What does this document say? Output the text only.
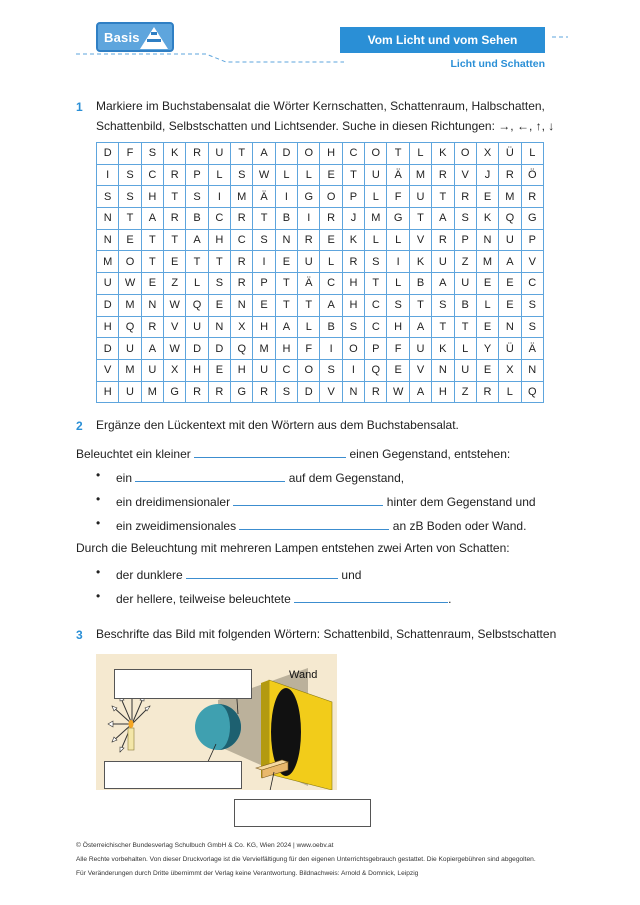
Basis	Vom Licht und vom Sehen
Licht und Schatten
1 Markiere im Buchstabensalat die Wörter Kernschatten, Schattenraum, Halbschatten,
Schattenbild, Selbstschatten und Lichtsender. Suche in diesen Richtungen: →, ←, ↑, ↓
D	F	S	K	R	U	T	A	D	O	H	C	O	T	L	K	O	X	Ü	L
I	S	C	R	P	L	S	W	L	L	E	T	U	Ä	M	R	V	J	R	Ö
S	S	H	T	S	I	M	Ä	I	G	O	P	L	F	U	T	R	E	M	R
N	T	A	R	B	C	R	T	B	I	R	J	M	G	T	A	S	K	Q	G
N	E	T	T	A	H	C	S	N	R	E	K	L	L	V	R	P	N	U	P
M	O	T	E	T	T	R	I	E	U	L	R	S	I	K	U	Z	M	A	V
U	W	E	Z	L	S	R	P	T	Ä	C	H	T	L	B	A	U	E	E	C
D	M	N	W	Q	E	N	E	T	T	A	H	C	S	T	S	B	L	E	S
H	Q	R	V	U	N	X	H	A	L	B	S	C	H	A	T	T	E	N	S
D	U	A	W	D	D	Q	M	H	F	I	O	P	F	U	K	L	Y	Ü	Ä
V	M	U	X	H	E	H	U	C	O	S	I	Q	E	V	N	U	E	X	N
H	U	M	G	R	R	G	R	S	D	V	N	R	W	A	H	Z	R	L	Q
2 Ergänze den Lückentext mit den Wörtern aus dem Buchstabensalat.
Beleuchtet ein kleiner	einen Gegenstand, entstehen:
• ein	auf dem Gegenstand,
• ein dreidimensionaler	hinter dem Gegenstand und
• ein zweidimensionales	an zB Boden oder Wand.
Durch die Beleuchtung mit mehreren Lampen entstehen zwei Arten von Schatten:
• der dunklere	und
• der hellere, teilweise beleuchtete	.
3 Beschrifte das Bild mit folgenden Wörtern: Schattenbild, Schattenraum, Selbstschatten
Wand
© Österreichischer Bundesverlag Schulbuch GmbH & Co. KG, Wien 2024 | www.oebv.at
Alle Rechte vorbehalten. Von dieser Druckvorlage ist die Vervielfältigung für den eigenen Unterrichtsgebrauch gestattet. Die Kopiergebühren sind abgegolten.
Für Veränderungen durch Dritte übernimmt der Verlag keine Verantwortung. Bildnachweis: Arnold & Domnick, Leipzig
